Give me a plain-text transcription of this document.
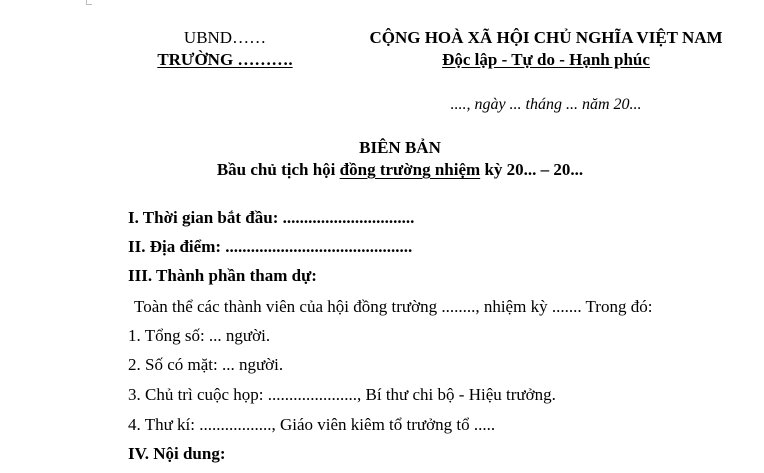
UBND……
TRƯỜNG ……….
CỘNG HOÀ XÃ HỘI CHỦ NGHĨA VIỆT NAM
Độc lập - Tự do - Hạnh phúc
...., ngày ... tháng ... năm 20...
BIÊN BẢN
Bầu chủ tịch hội đồng trường nhiệm kỳ 20... – 20...
I. Thời gian bắt đầu: ...............................
II. Địa điểm: ............................................
III. Thành phần tham dự:
Toàn thể các thành viên của hội đồng trường ........, nhiệm kỳ ....... Trong đó:
1. Tổng số: ... người.
2. Số có mặt: ... người.
3. Chủ trì cuộc họp: ....................., Bí thư chi bộ - Hiệu trưởng.
4. Thư kí: ................., Giáo viên kiêm tổ trưởng tổ .....
IV. Nội dung:
